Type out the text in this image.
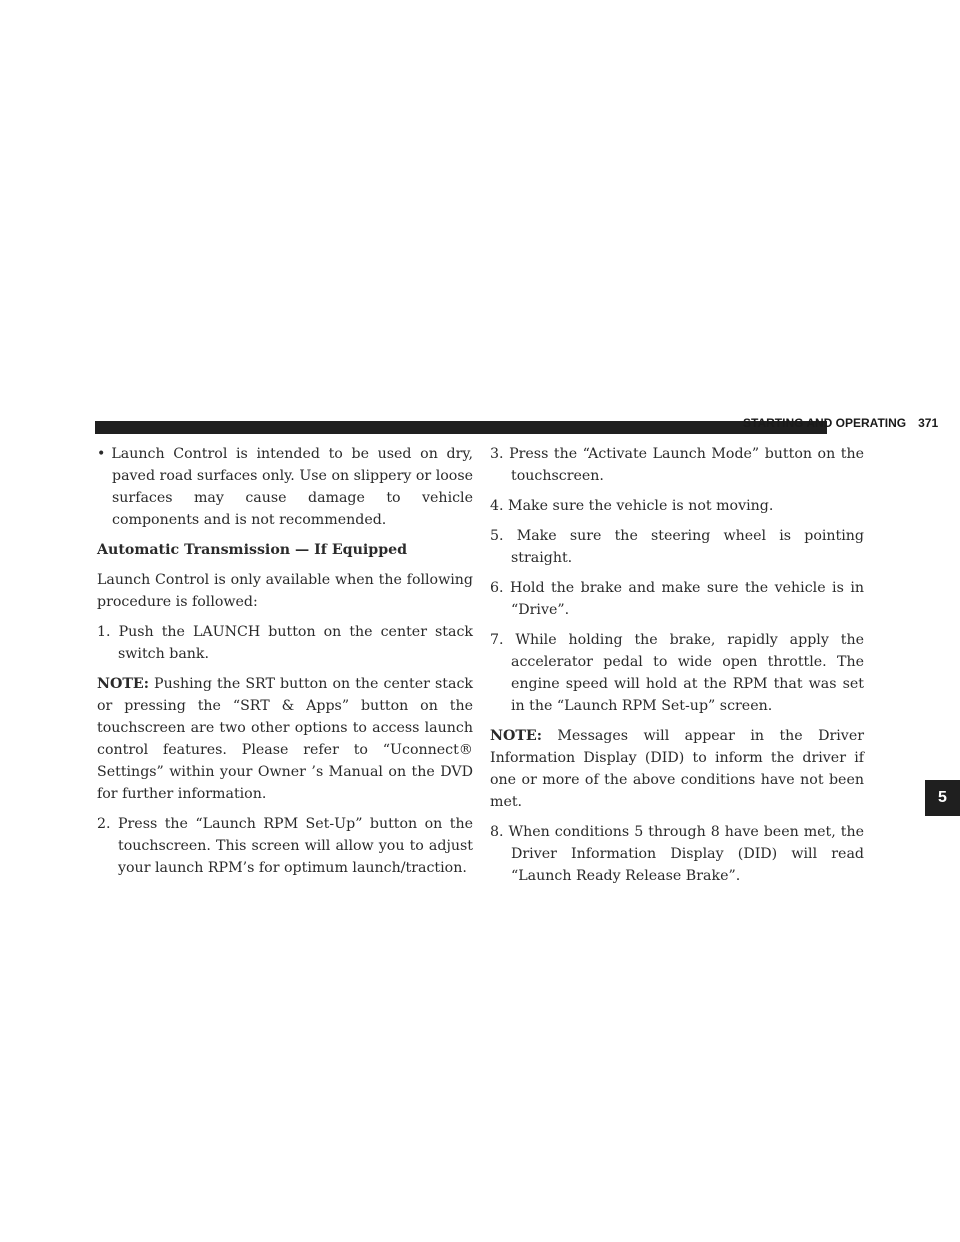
STARTING AND OPERATING 371
5

• Launch Control is intended to be used on dry, paved road surfaces only. Use on slippery or loose surfaces may cause damage to vehicle components and is not recommended.

Automatic Transmission — If Equipped

Launch Control is only available when the following procedure is followed:

1. Push the LAUNCH button on the center stack switch bank.

NOTE: Pushing the SRT button on the center stack or pressing the “SRT & Apps” button on the touchscreen are two other options to access launch control features. Please refer to “Uconnect® Settings” within your Owner ’s Manual on the DVD for further information.

2. Press the “Launch RPM Set-Up” button on the touchscreen. This screen will allow you to adjust your launch RPM’s for optimum launch/traction.

3. Press the “Activate Launch Mode” button on the touchscreen.

4. Make sure the vehicle is not moving.

5. Make sure the steering wheel is pointing straight.

6. Hold the brake and make sure the vehicle is in “Drive”.

7. While holding the brake, rapidly apply the accelerator pedal to wide open throttle. The engine speed will hold at the RPM that was set in the “Launch RPM Set-up” screen.

NOTE: Messages will appear in the Driver Information Display (DID) to inform the driver if one or more of the above conditions have not been met.

8. When conditions 5 through 8 have been met, the Driver Information Display (DID) will read “Launch Ready Release Brake”.
